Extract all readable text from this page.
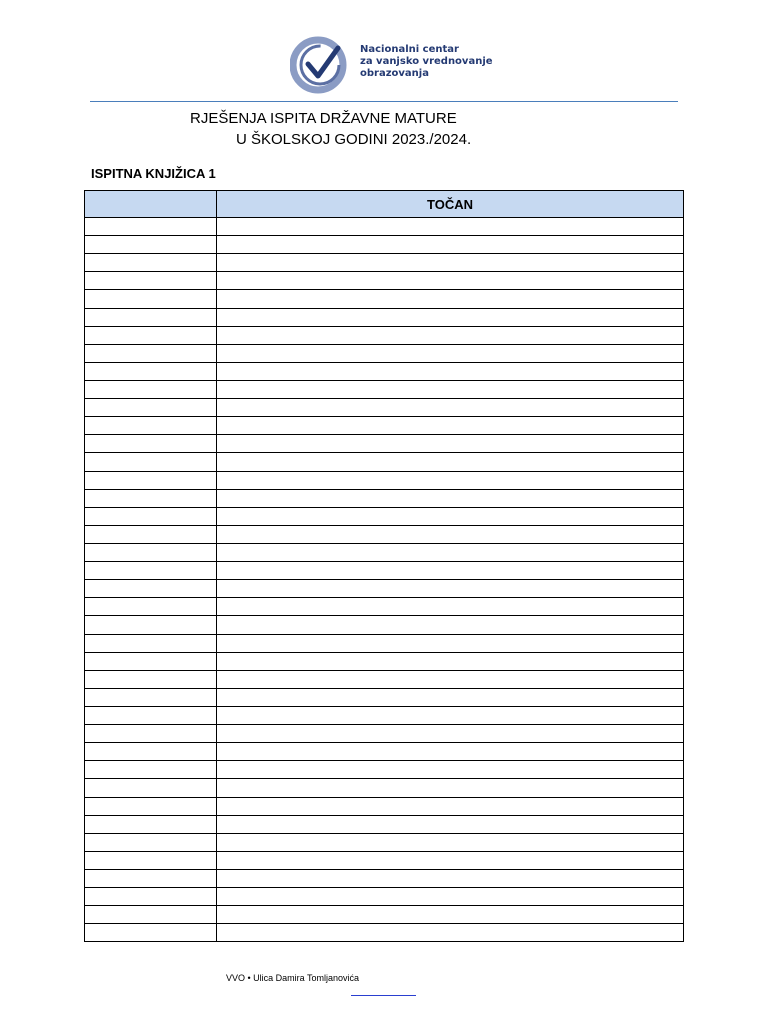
Nacionalni centar
za vanjsko vrednovanje
obrazovanja
RJEŠENJA ISPITA DRŽAVNE MATURE
U ŠKOLSKOJ GODINI 2023./2024.
ISPITNA KNJIŽICA 1
	TOČAN

VVO • Ulica Damira Tomljanovića
